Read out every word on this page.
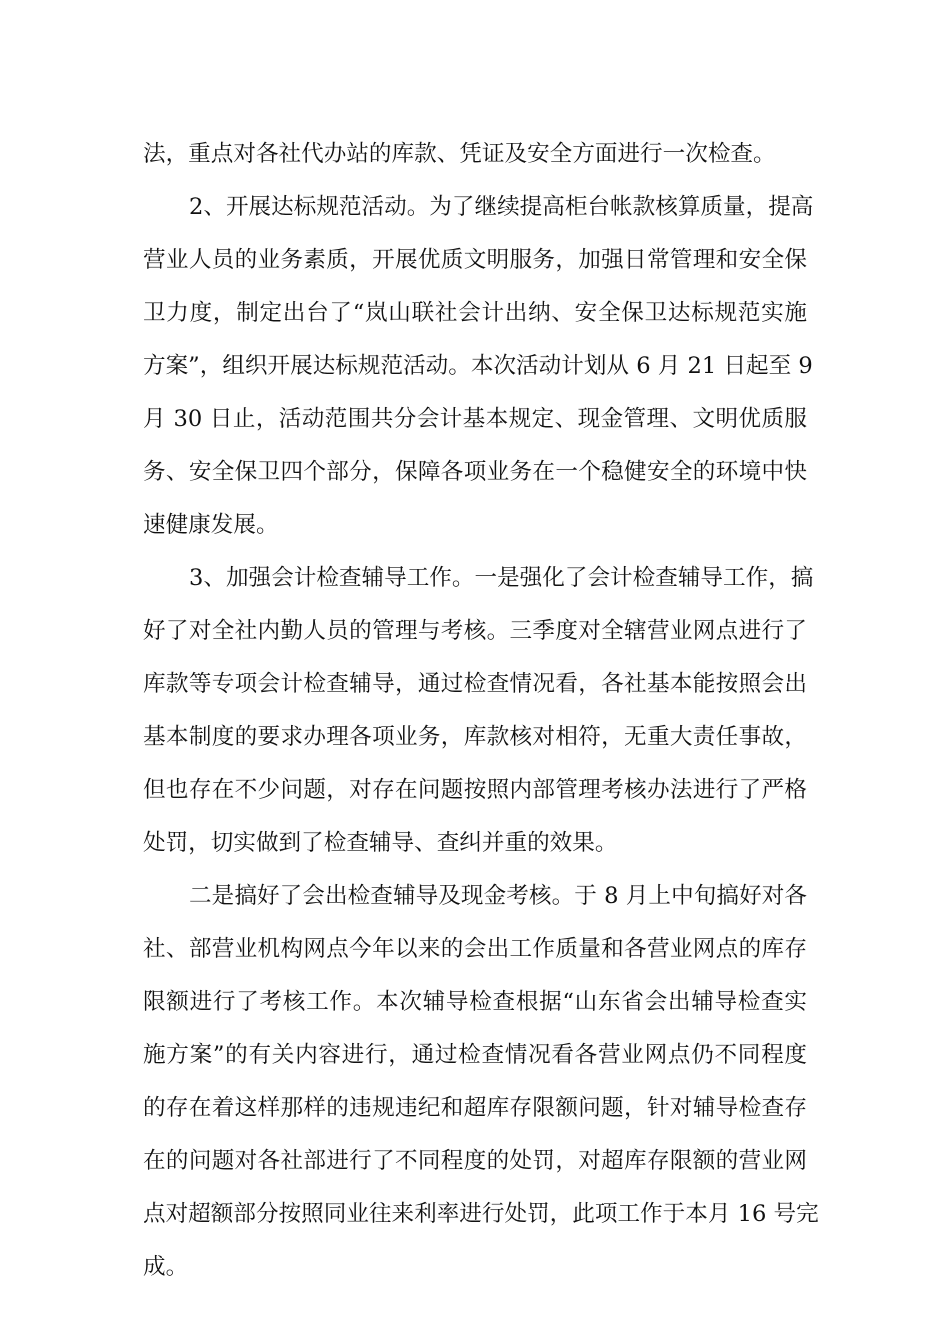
法，重点对各社代办站的库款、凭证及安全方面进行一次检查。
2、开展达标规范活动。为了继续提高柜台帐款核算质量，提高
营业人员的业务素质，开展优质文明服务，加强日常管理和安全保
卫力度，制定出台了“岚山联社会计出纳、安全保卫达标规范实施
方案”，组织开展达标规范活动。本次活动计划从 6 月 21 日起至 9
月 30 日止，活动范围共分会计基本规定、现金管理、文明优质服
务、安全保卫四个部分，保障各项业务在一个稳健安全的环境中快
速健康发展。
3、加强会计检查辅导工作。一是强化了会计检查辅导工作，搞
好了对全社内勤人员的管理与考核。三季度对全辖营业网点进行了
库款等专项会计检查辅导，通过检查情况看，各社基本能按照会出
基本制度的要求办理各项业务，库款核对相符，无重大责任事故，
但也存在不少问题，对存在问题按照内部管理考核办法进行了严格
处罚，切实做到了检查辅导、查纠并重的效果。
二是搞好了会出检查辅导及现金考核。于 8 月上中旬搞好对各
社、部营业机构网点今年以来的会出工作质量和各营业网点的库存
限额进行了考核工作。本次辅导检查根据“山东省会出辅导检查实
施方案”的有关内容进行，通过检查情况看各营业网点仍不同程度
的存在着这样那样的违规违纪和超库存限额问题，针对辅导检查存
在的问题对各社部进行了不同程度的处罚，对超库存限额的营业网
点对超额部分按照同业往来利率进行处罚，此项工作于本月 16 号完
成。
